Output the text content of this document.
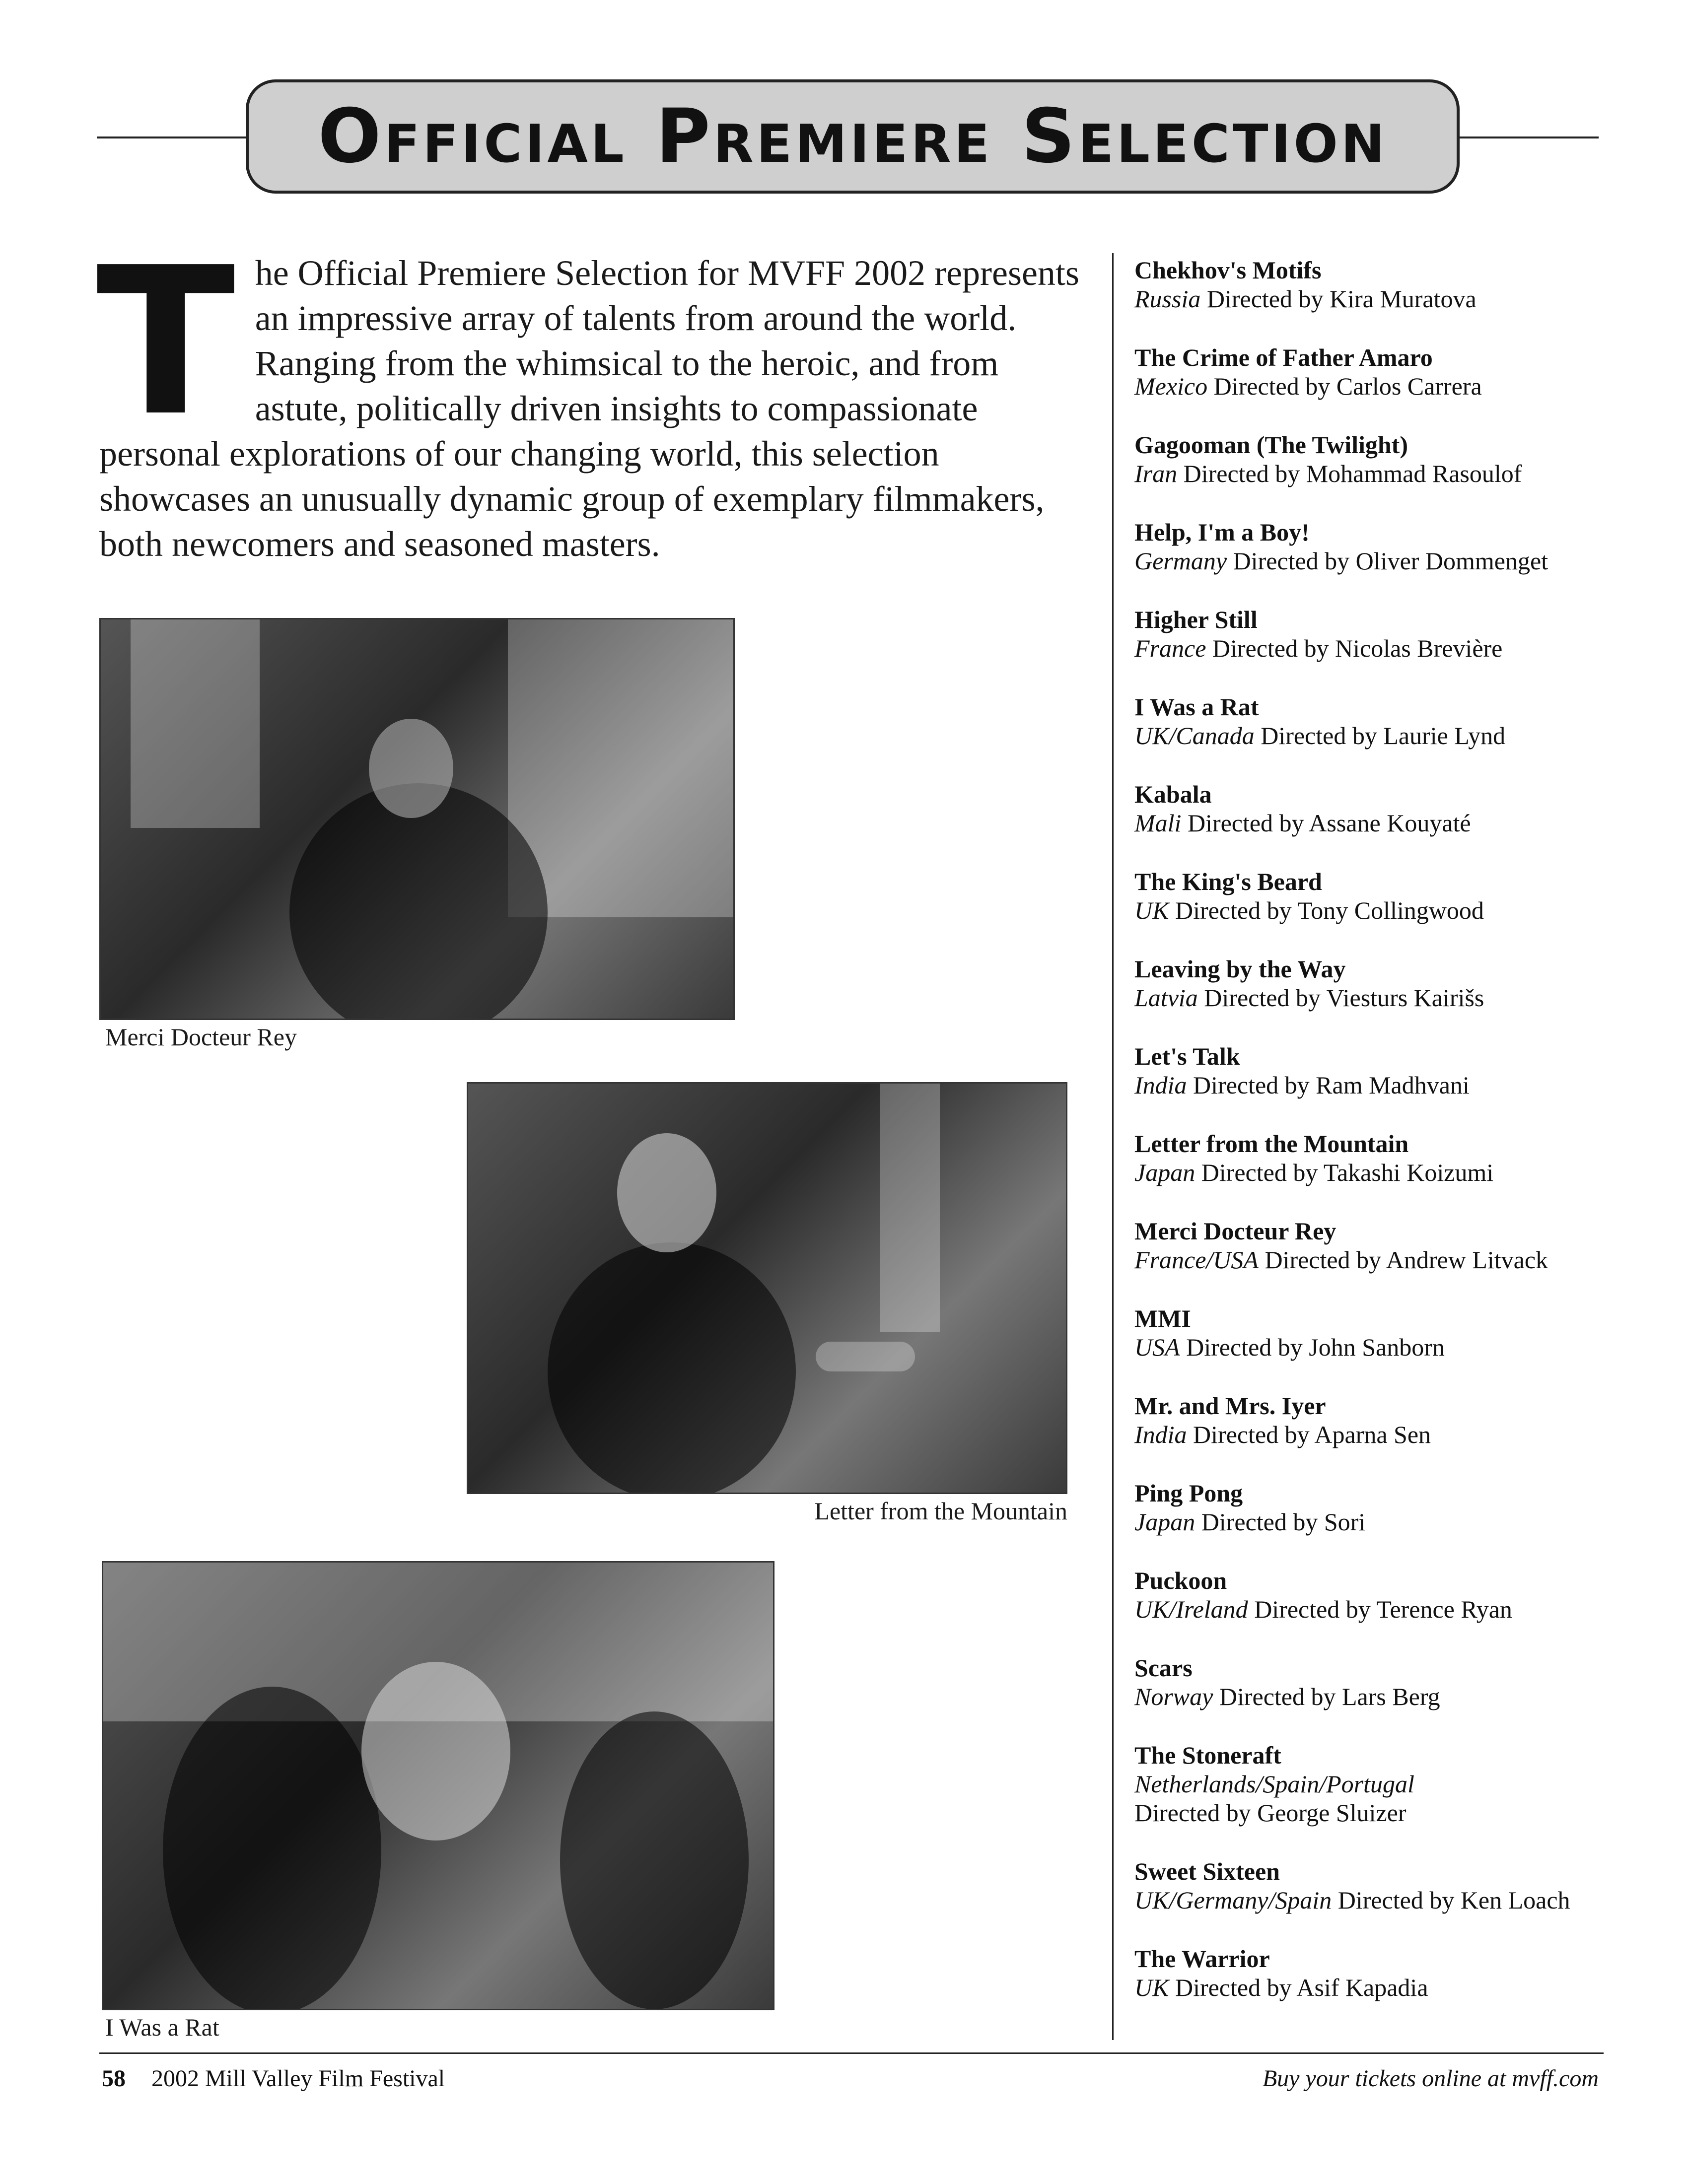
Official Premiere Selection
T he Official Premiere Selection for MVFF 2002 represents an impressive array of talents from around the world. Ranging from the whimsical to the heroic, and from astute, politically driven insights to compassionate personal explorations of our changing world, this selection showcases an unusually dynamic group of exemplary filmmakers, both newcomers and seasoned masters.
Merci Docteur Rey
Letter from the Mountain
I Was a Rat
Chekhov's Motifs
Russia Directed by Kira Muratova
The Crime of Father Amaro
Mexico Directed by Carlos Carrera
Gagooman (The Twilight)
Iran Directed by Mohammad Rasoulof
Help, I'm a Boy!
Germany Directed by Oliver Dommenget
Higher Still
France Directed by Nicolas Brevière
I Was a Rat
UK/Canada Directed by Laurie Lynd
Kabala
Mali Directed by Assane Kouyaté
The King's Beard
UK Directed by Tony Collingwood
Leaving by the Way
Latvia Directed by Viesturs Kairišs
Let's Talk
India Directed by Ram Madhvani
Letter from the Mountain
Japan Directed by Takashi Koizumi
Merci Docteur Rey
France/USA Directed by Andrew Litvack
MMI
USA Directed by John Sanborn
Mr. and Mrs. Iyer
India Directed by Aparna Sen
Ping Pong
Japan Directed by Sori
Puckoon
UK/Ireland Directed by Terence Ryan
Scars
Norway Directed by Lars Berg
The Stoneraft
Netherlands/Spain/Portugal
Directed by George Sluizer
Sweet Sixteen
UK/Germany/Spain Directed by Ken Loach
The Warrior
UK Directed by Asif Kapadia
58 2002 Mill Valley Film Festival	Buy your tickets online at mvff.com
